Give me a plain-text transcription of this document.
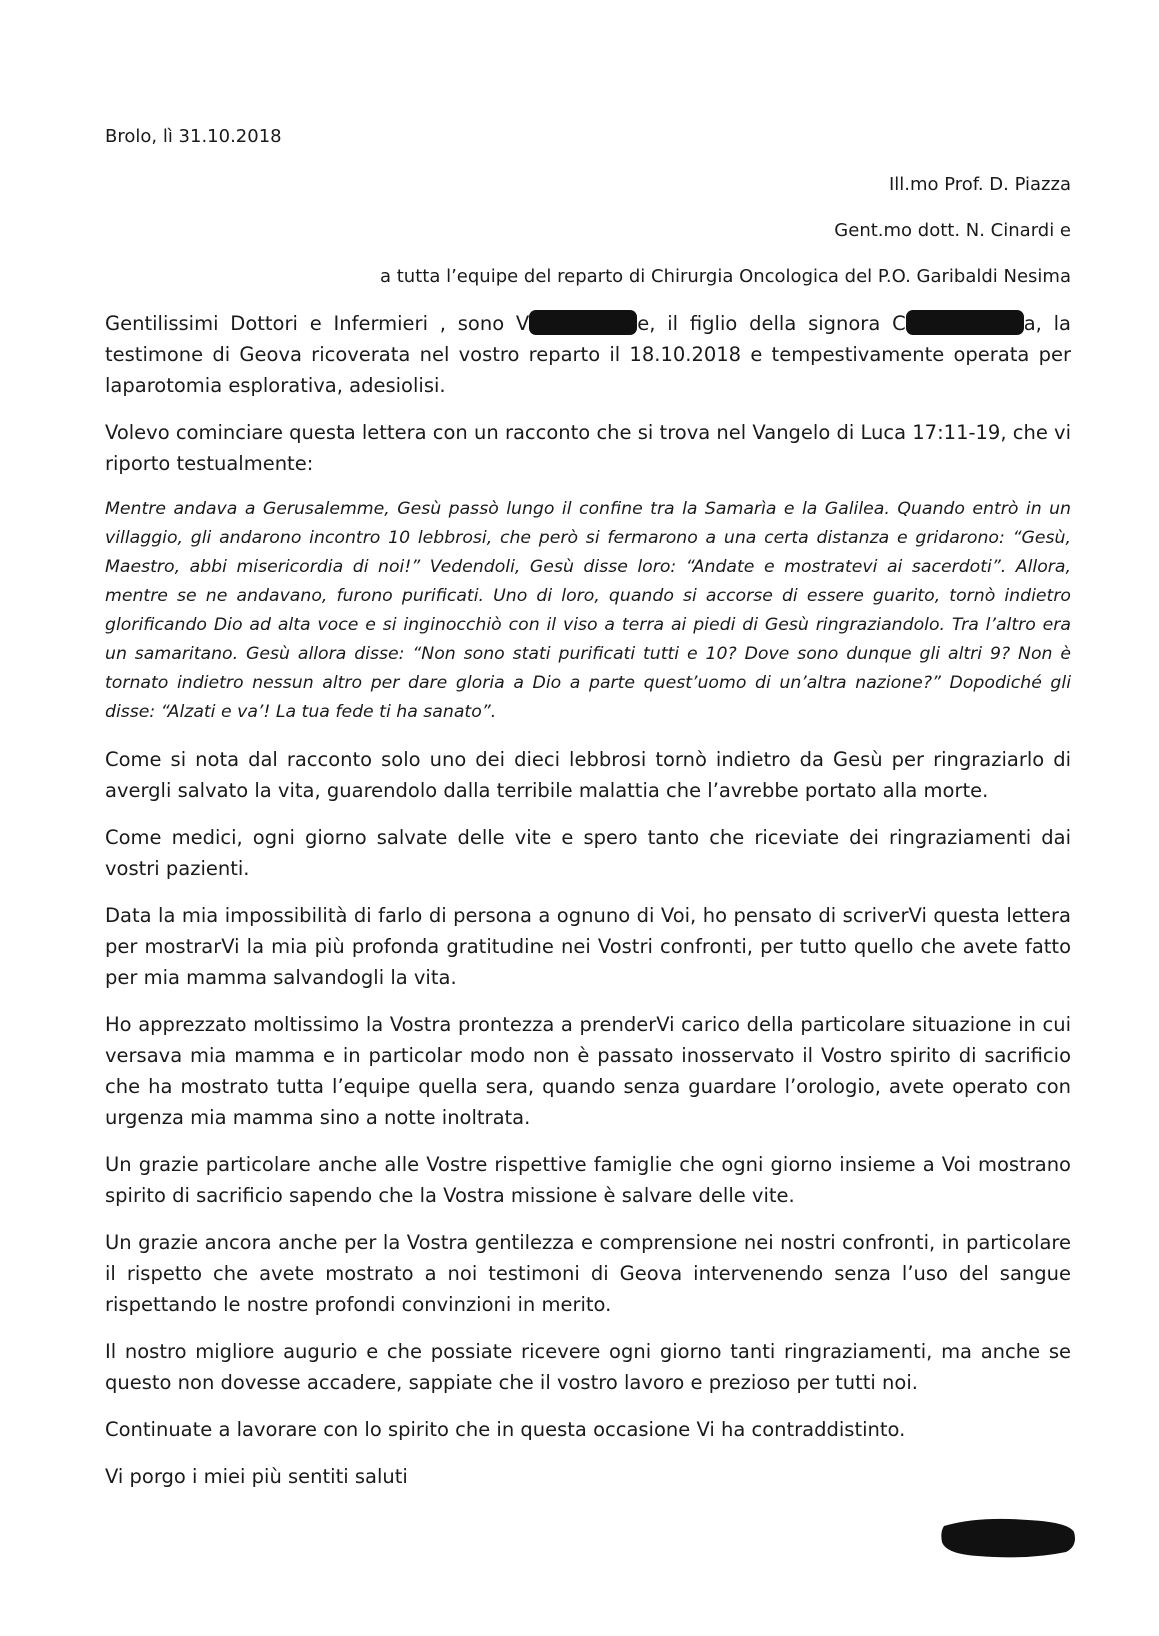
Brolo, lì 31.10.2018
Ill.mo Prof. D. Piazza
Gent.mo dott. N. Cinardi e
a tutta l’equipe del reparto di Chirurgia Oncologica del P.O. Garibaldi Nesima

Gentilissimi Dottori e Infermieri , sono V	e, il figlio della signora C	a, la testimone di Geova ricoverata nel vostro reparto il 18.10.2018 e tempestivamente operata per laparotomia esplorativa, adesiolisi.

Volevo cominciare questa lettera con un racconto che si trova nel Vangelo di Luca 17:11-19, che vi riporto testualmente:

Mentre andava a Gerusalemme, Gesù passò lungo il confine tra la Samarìa e la Galilea. Quando entrò in un villaggio, gli andarono incontro 10 lebbrosi, che però si fermarono a una certa distanza e gridarono: “Gesù, Maestro, abbi misericordia di noi!” Vedendoli, Gesù disse loro: “Andate e mostratevi ai sacerdoti”. Allora, mentre se ne andavano, furono purificati. Uno di loro, quando si accorse di essere guarito, tornò indietro glorificando Dio ad alta voce e si inginocchiò con il viso a terra ai piedi di Gesù ringraziandolo. Tra l’altro era un samaritano. Gesù allora disse: “Non sono stati purificati tutti e 10? Dove sono dunque gli altri 9? Non è tornato indietro nessun altro per dare gloria a Dio a parte quest’uomo di un’altra nazione?” Dopodiché gli disse: “Alzati e va’! La tua fede ti ha sanato”.

Come si nota dal racconto solo uno dei dieci lebbrosi tornò indietro da Gesù per ringraziarlo di avergli salvato la vita, guarendolo dalla terribile malattia che l’avrebbe portato alla morte.

Come medici, ogni giorno salvate delle vite e spero tanto che riceviate dei ringraziamenti dai vostri pazienti.

Data la mia impossibilità di farlo di persona a ognuno di Voi, ho pensato di scriverVi questa lettera per mostrarVi la mia più profonda gratitudine nei Vostri confronti, per tutto quello che avete fatto per mia mamma salvandogli la vita.

Ho apprezzato moltissimo la Vostra prontezza a prenderVi carico della particolare situazione in cui versava mia mamma e in particolar modo non è passato inosservato il Vostro spirito di sacrificio che ha mostrato tutta l’equipe quella sera, quando senza guardare l’orologio, avete operato con urgenza mia mamma sino a notte inoltrata.

Un grazie particolare anche alle Vostre rispettive famiglie che ogni giorno insieme a Voi mostrano spirito di sacrificio sapendo che la Vostra missione è salvare delle vite.

Un grazie ancora anche per la Vostra gentilezza e comprensione nei nostri confronti, in particolare il rispetto che avete mostrato a noi testimoni di Geova intervenendo senza l’uso del sangue rispettando le nostre profondi convinzioni in merito.

Il nostro migliore augurio e che possiate ricevere ogni giorno tanti ringraziamenti, ma anche se questo non dovesse accadere, sappiate che il vostro lavoro e prezioso per tutti noi.

Continuate a lavorare con lo spirito che in questa occasione Vi ha contraddistinto.

Vi porgo i miei più sentiti saluti
